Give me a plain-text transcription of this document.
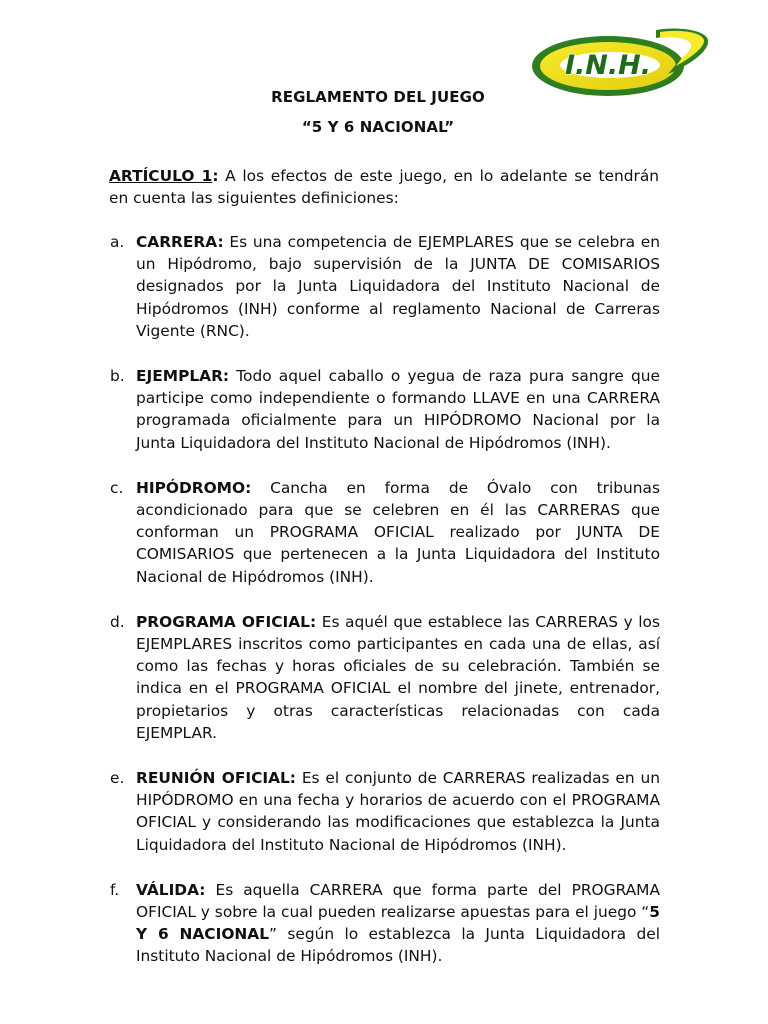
I.N.H.
REGLAMENTO DEL JUEGO
“5 Y 6 NACIONAL”
ARTÍCULO 1: A los efectos de este juego, en lo adelante se tendrán en cuenta las siguientes definiciones:
a. CARRERA: Es una competencia de EJEMPLARES que se celebra en un Hipódromo, bajo supervisión de la JUNTA DE COMISARIOS designados por la Junta Liquidadora del Instituto Nacional de Hipódromos (INH) conforme al reglamento Nacional de Carreras Vigente (RNC).
b. EJEMPLAR: Todo aquel caballo o yegua de raza pura sangre que participe como independiente o formando LLAVE en una CARRERA programada oficialmente para un HIPÓDROMO Nacional por la Junta Liquidadora del Instituto Nacional de Hipódromos (INH).
c. HIPÓDROMO: Cancha en forma de Óvalo con tribunas acondicionado para que se celebren en él las CARRERAS que conforman un PROGRAMA OFICIAL realizado por JUNTA DE COMISARIOS que pertenecen a la Junta Liquidadora del Instituto Nacional de Hipódromos (INH).
d. PROGRAMA OFICIAL: Es aquél que establece las CARRERAS y los EJEMPLARES inscritos como participantes en cada una de ellas, así como las fechas y horas oficiales de su celebración. También se indica en el PROGRAMA OFICIAL el nombre del jinete, entrenador, propietarios y otras características relacionadas con cada EJEMPLAR.
e. REUNIÓN OFICIAL: Es el conjunto de CARRERAS realizadas en un HIPÓDROMO en una fecha y horarios de acuerdo con el PROGRAMA OFICIAL y considerando las modificaciones que establezca la Junta Liquidadora del Instituto Nacional de Hipódromos (INH).
f. VÁLIDA: Es aquella CARRERA que forma parte del PROGRAMA OFICIAL y sobre la cual pueden realizarse apuestas para el juego “5 Y 6 NACIONAL” según lo establezca la Junta Liquidadora del Instituto Nacional de Hipódromos (INH).
